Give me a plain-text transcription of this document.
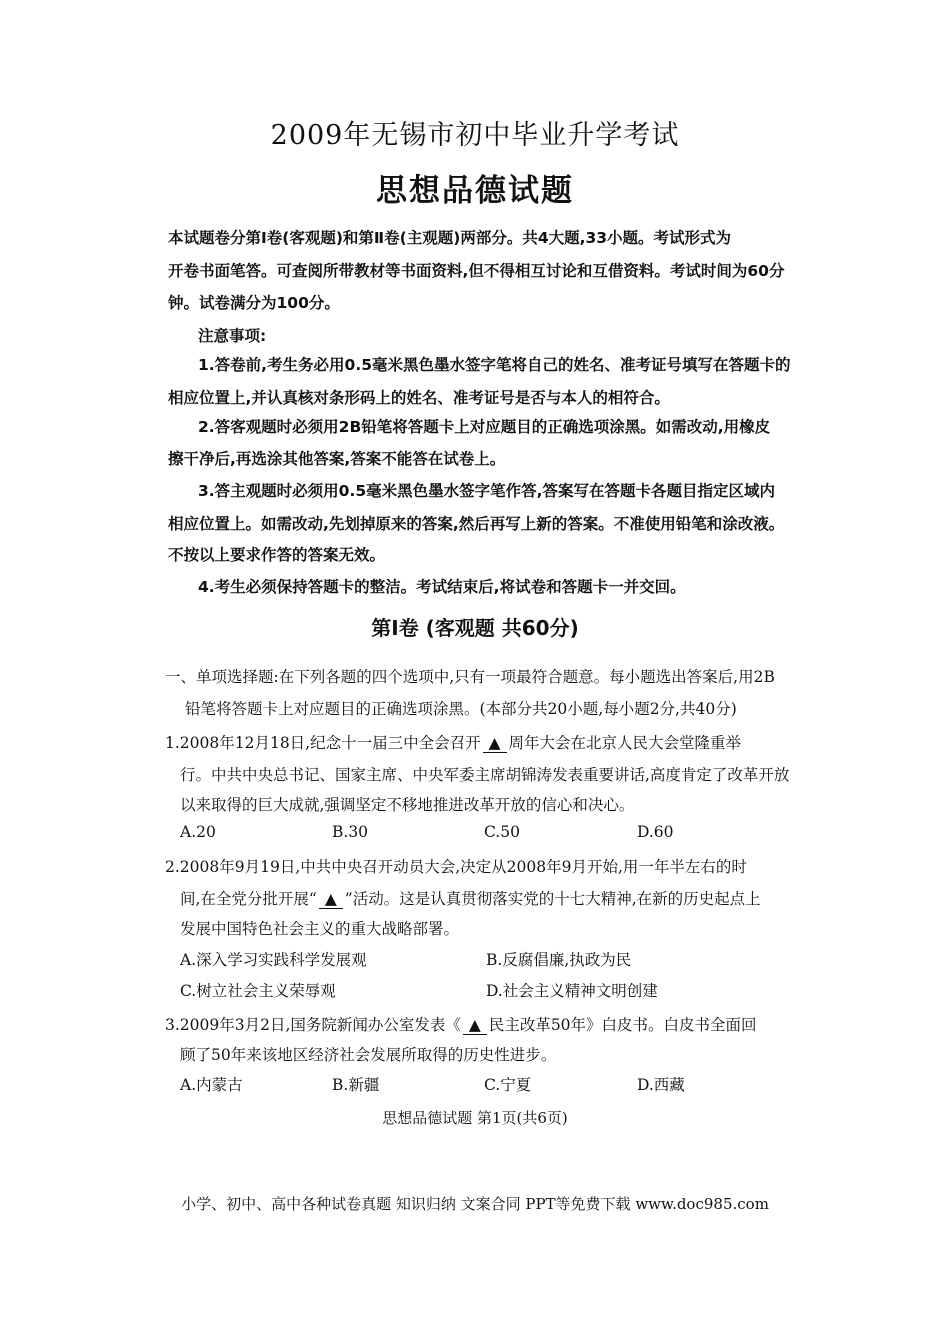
2009年无锡市初中毕业升学考试
思想品德试题
本试题卷分第Ⅰ卷(客观题)和第Ⅱ卷(主观题)两部分。共4大题,33小题。考试形式为
开卷书面笔答。可查阅所带教材等书面资料,但不得相互讨论和互借资料。考试时间为60分
钟。试卷满分为100分。
注意事项:
1.答卷前,考生务必用0.5毫米黑色墨水签字笔将自己的姓名、准考证号填写在答题卡的
相应位置上,并认真核对条形码上的姓名、准考证号是否与本人的相符合。
2.答客观题时必须用2B铅笔将答题卡上对应题目的正确选项涂黑。如需改动,用橡皮
擦干净后,再选涂其他答案,答案不能答在试卷上。
3.答主观题时必须用0.5毫米黑色墨水签字笔作答,答案写在答题卡各题目指定区域内
相应位置上。如需改动,先划掉原来的答案,然后再写上新的答案。不准使用铅笔和涂改液。
不按以上要求作答的答案无效。
4.考生必须保持答题卡的整洁。考试结束后,将试卷和答题卡一并交回。
第Ⅰ卷 (客观题 共60分)
一、单项选择题:在下列各题的四个选项中,只有一项最符合题意。每小题选出答案后,用2B
铅笔将答题卡上对应题目的正确选项涂黑。(本部分共20小题,每小题2分,共40分)
1.2008年12月18日,纪念十一届三中全会召开 ▲ 周年大会在北京人民大会堂隆重举
行。中共中央总书记、国家主席、中央军委主席胡锦涛发表重要讲话,高度肯定了改革开放
以来取得的巨大成就,强调坚定不移地推进改革开放的信心和决心。
A.20	B.30	C.50	D.60
2.2008年9月19日,中共中央召开动员大会,决定从2008年9月开始,用一年半左右的时
间,在全党分批开展“ ▲ ”活动。这是认真贯彻落实党的十七大精神,在新的历史起点上
发展中国特色社会主义的重大战略部署。
A.深入学习实践科学发展观	B.反腐倡廉,执政为民
C.树立社会主义荣辱观	D.社会主义精神文明创建
3.2009年3月2日,国务院新闻办公室发表《 ▲ 民主改革50年》白皮书。白皮书全面回
顾了50年来该地区经济社会发展所取得的历史性进步。
A.内蒙古	B.新疆	C.宁夏	D.西藏
思想品德试题 第1页(共6页)
小学、初中、高中各种试卷真题 知识归纳 文案合同 PPT等免费下载 www.doc985.com
